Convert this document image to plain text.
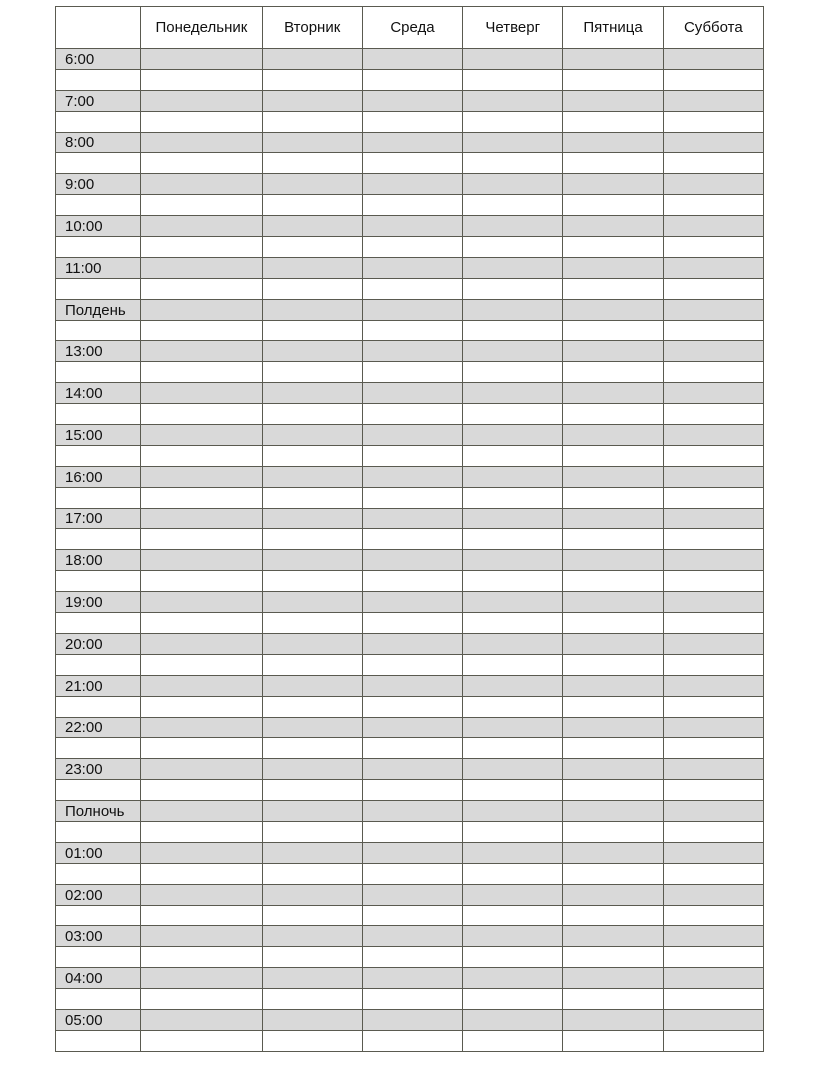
	Понедельник	Вторник	Среда	Четверг	Пятница	Суббота
6:00						

7:00						

8:00						

9:00						

10:00						

11:00						

Полдень						

13:00						

14:00						

15:00						

16:00						

17:00						

18:00						

19:00						

20:00						

21:00						

22:00						

23:00						

Полночь						

01:00						

02:00						

03:00						

04:00						

05:00						
